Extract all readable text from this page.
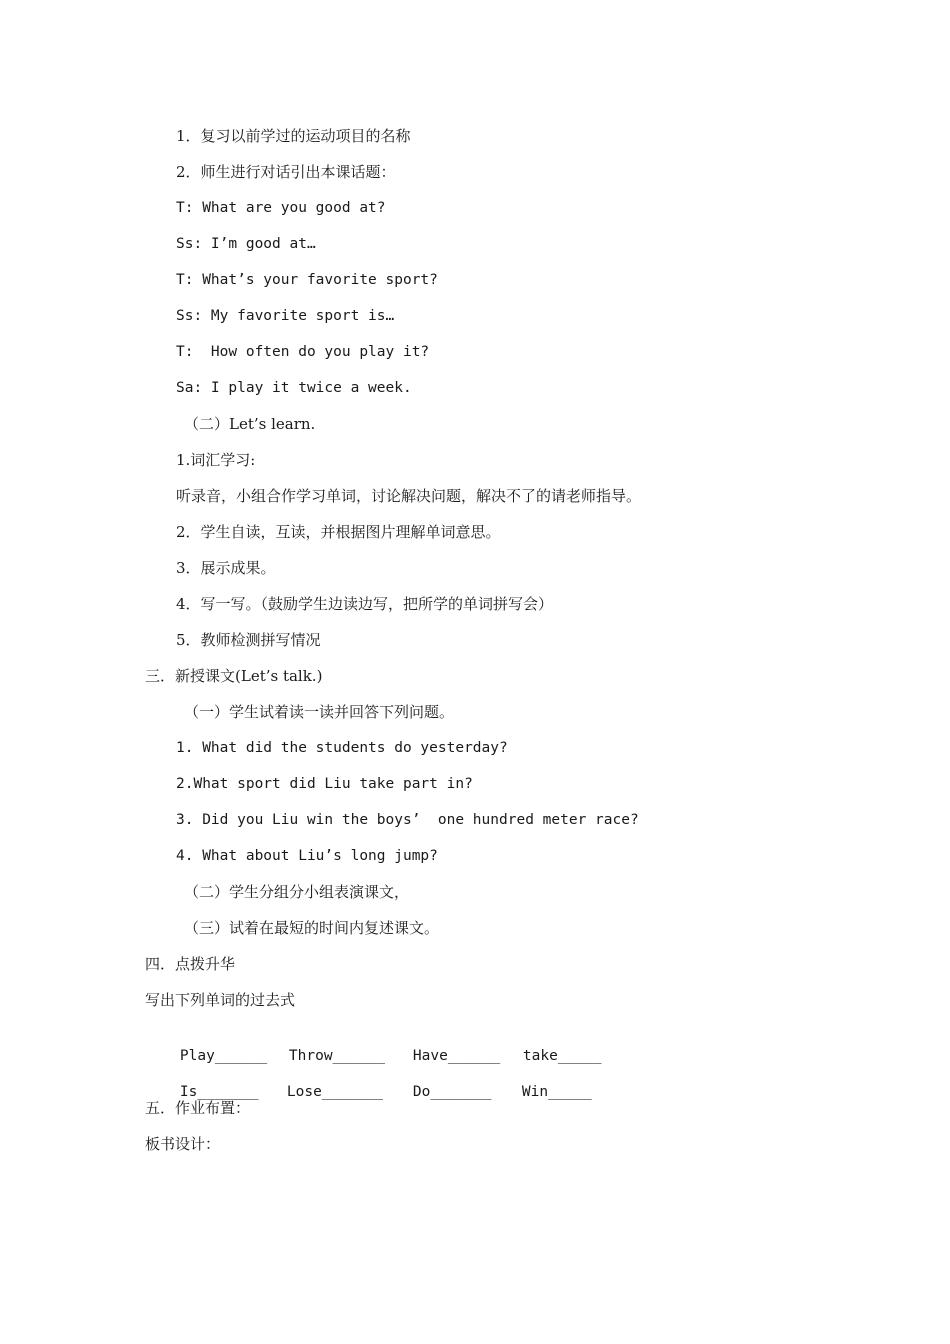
1．复习以前学过的运动项目的名称
2．师生进行对话引出本课话题：
T: What are you good at?
Ss: I’m good at…
T: What’s your favorite sport?
Ss: My favorite sport is…
T:  How often do you play it?
Sa: I play it twice a week.
（二）Let’s learn.
1.词汇学习:
听录音，小组合作学习单词，讨论解决问题，解决不了的请老师指导。
2．学生自读，互读，并根据图片理解单词意思。
3．展示成果。
4．写一写。（鼓励学生边读边写，把所学的单词拼写会）
5．教师检测拼写情况
三．新授课文(Let’s talk.)
（一）学生试着读一读并回答下列问题。
1. What did the students do yesterday?
2.What sport did Liu take part in?
3. Did you Liu win the boys’  one hundred meter race?
4. What about Liu’s long jump?
（二）学生分组分小组表演课文，
（三）试着在最短的时间内复述课文。
四．点拨升华
写出下列单词的过去式

Play______ Throw______ Have______ take_____

Is_______ Lose_______ Do_______ Win_____

五．作业布置：
板书设计：
